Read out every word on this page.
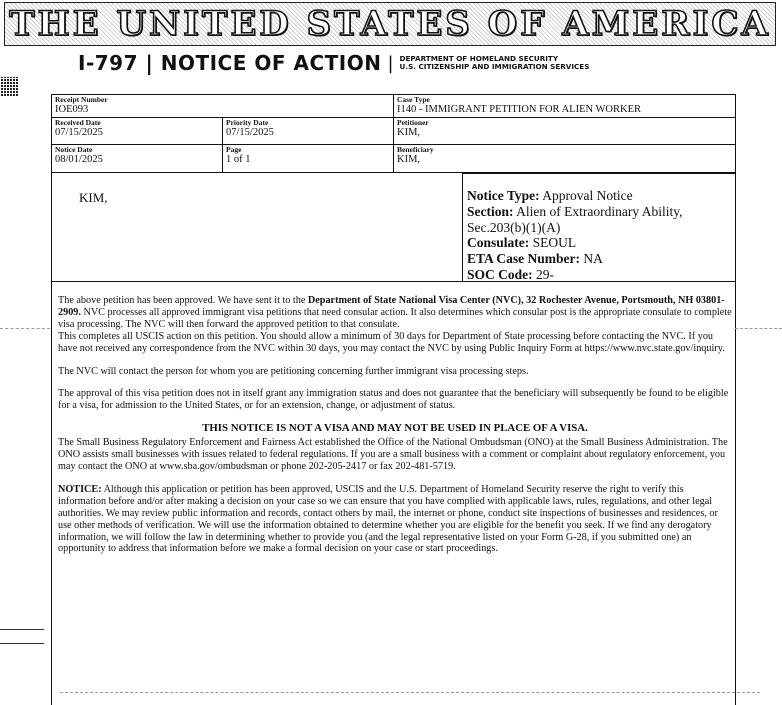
THE UNITED STATES OF AMERICA
I-797 | NOTICE OF ACTION | DEPARTMENT OF HOMELAND SECURITY
U.S. CITIZENSHIP AND IMMIGRATION SERVICES
Receipt Number
IOE093
Case Type
I140 - IMMIGRANT PETITION FOR ALIEN WORKER
Received Date
07/15/2025
Priority Date
07/15/2025
Petitioner
KIM,
Notice Date
08/01/2025
Page
1 of 1
Beneficiary
KIM,
KIM,	Notice Type: Approval Notice
Section: Alien of Extraordinary Ability, Sec.203(b)(1)(A)
Consulate: SEOUL
ETA Case Number: NA
SOC Code: 29-

The above petition has been approved. We have sent it to the Department of State National Visa Center (NVC), 32 Rochester Avenue, Portsmouth, NH 03801-2909. NVC processes all approved immigrant visa petitions that need consular action. It also determines which consular post is the appropriate consulate to complete visa processing. The NVC will then forward the approved petition to that consulate.

This completes all USCIS action on this petition. You should allow a minimum of 30 days for Department of State processing before contacting the NVC. If you have not received any correspondence from the NVC within 30 days, you may contact the NVC by using Public Inquiry Form at https://www.nvc.state.gov/inquiry.

The NVC will contact the person for whom you are petitioning concerning further immigrant visa processing steps.

The approval of this visa petition does not in itself grant any immigration status and does not guarantee that the beneficiary will subsequently be found to be eligible for a visa, for admission to the United States, or for an extension, change, or adjustment of status.

THIS NOTICE IS NOT A VISA AND MAY NOT BE USED IN PLACE OF A VISA.

The Small Business Regulatory Enforcement and Fairness Act established the Office of the National Ombudsman (ONO) at the Small Business Administration. The ONO assists small businesses with issues related to federal regulations. If you are a small business with a comment or complaint about regulatory enforcement, you may contact the ONO at www.sba.gov/ombudsman or phone 202-205-2417 or fax 202-481-5719.

NOTICE: Although this application or petition has been approved, USCIS and the U.S. Department of Homeland Security reserve the right to verify this information before and/or after making a decision on your case so we can ensure that you have complied with applicable laws, rules, regulations, and other legal authorities. We may review public information and records, contact others by mail, the internet or phone, conduct site inspections of businesses and residences, or use other methods of verification. We will use the information obtained to determine whether you are eligible for the benefit you seek. If we find any derogatory information, we will follow the law in determining whether to provide you (and the legal representative listed on your Form G-28, if you submitted one) an opportunity to address that information before we make a formal decision on your case or start proceedings.
